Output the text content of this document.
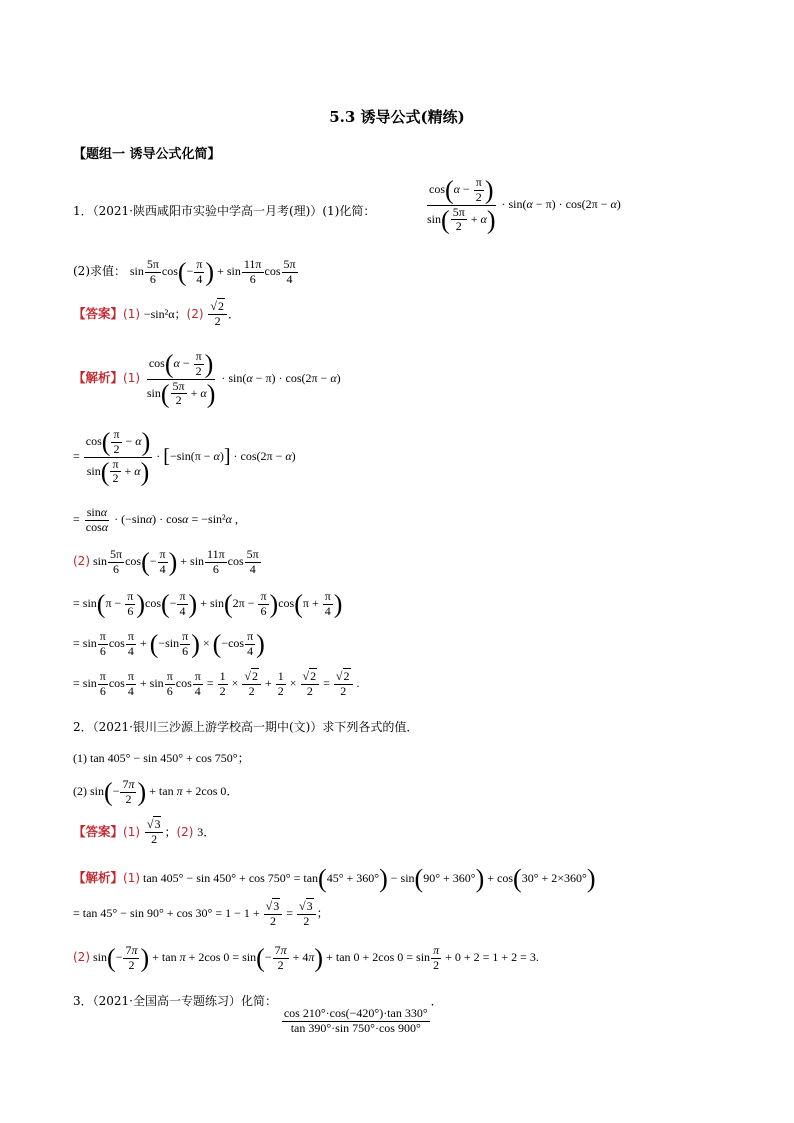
5.3 诱导公式(精练)
【题组一 诱导公式化简】
1．（2021·陕西咸阳市实验中学高一月考(理)）(1)化简：	$\frac{\cos(\alpha - \frac{\pi}{2} )}{\sin( \frac{5\pi}{2} + \alpha)} \cdot \sin(\alpha - \pi) \cdot \cos(2\pi - \alpha)$
(2)求值： $\sin \frac{5\pi}{6} \cos(- \frac{\pi}{4}$ ) + $\sin \frac{11\pi}{6}$ $\cos \frac{5\pi}{4}$
【答案】(1) −sin²α；$(2) \frac{√2}{2}$ ．
【解析】$(1) \frac{\cos(\alpha - \frac{\pi}{2} )}{\sin( \frac{5\pi}{2} + \alpha)} \cdot \sin(\alpha - \pi) \cdot \cos(2\pi - \alpha)$
= $\frac{\cos( \frac{\pi}{2} - \alpha)}{\sin( \frac{\pi}{2} + \alpha)} \cdot [-\sin(\pi - \alpha)] \cdot \cos(2\pi - \alpha)$
= $\frac{\sin\alpha}{\cos\alpha} \cdot (-\sin\alpha) \cdot \cos\alpha = -\sin^2\alpha$ ,
(2) $\sin \frac{5\pi}{6} \cos(- \frac{\pi}{4}$ ) + $\sin \frac{11\pi}{6}$ $\cos \frac{5\pi}{4}$
= $\sin(\pi - \frac{\pi}{6} )\cos(- \frac{\pi}{4}$ ) + $\sin(2\pi - \frac{\pi}{6} )\cos(\pi + \frac{\pi}{4}$ )
= $\sin \frac{\pi}{6}$ $\cos \frac{\pi}{4} + (-\sin \frac{\pi}{6}$ ) × ($-\cos \frac{\pi}{4}$ )
= $\sin \frac{\pi}{6}$ $\cos \frac{\pi}{4} + \sin \frac{\pi}{6}$ $\cos \frac{\pi}{4} = \frac{1}{2} \times \frac{√2}{2} + \frac{1}{2} \times \frac{√2}{2} = \frac{√2}{2}$ .
2．（2021·银川三沙源上游学校高一期中(文)）求下列各式的值．
(1) tan 405° − sin 450° + cos 750°；
(2) $\sin(- \frac{7\pi}{2}$ ) + tan π + 2cos 0．
【答案】$(1) \frac{√3}{2}$ ；(2) 3．
【解析】(1) tan 405° − sin 450° + cos 750° = tan(45° + 360°) − sin(90° + 360°) + cos(30° + 2×360°)
= $\tan 45^\circ - \sin 90^\circ + \cos 30^\circ = 1 - 1 + \frac{√3}{2} = \frac{√3}{2}$ ；
(2) $\sin(- \frac{7\pi}{2}$ ) + tan π + 2cos $0 = \sin(- \frac{7\pi}{2} + 4\pi) + \tan 0 + 2\cos$ $0 = \sin \frac{\pi}{2} + 0 + 2 = 1 + 2 = 3$.
3．（2021·全国高一专题练习）化简：
$\frac{\cos 210^\circ\cdot\cos(-420^\circ)\cdot\tan 330^\circ}{\tan 390^\circ\cdot\sin 750^\circ\cdot\cos 900^\circ}$
．
